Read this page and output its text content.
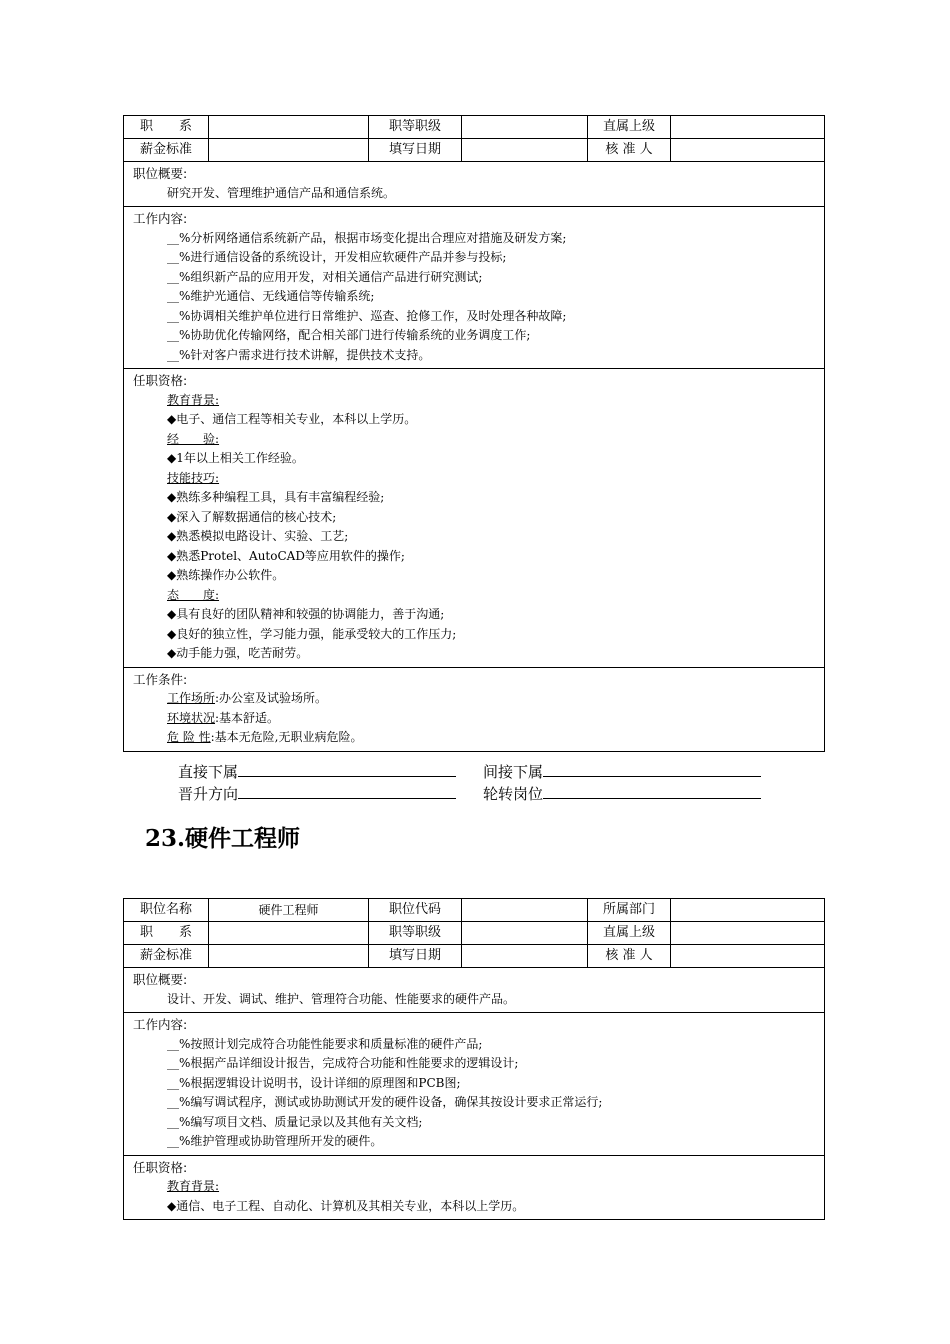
职　　系	职等职级	直属上级
薪金标准	填写日期	核 准 人
职位概要:
研究开发、管理维护通信产品和通信系统。
工作内容:
__%分析网络通信系统新产品，根据市场变化提出合理应对措施及研发方案;
__%进行通信设备的系统设计，开发相应软硬件产品并参与投标;
__%组织新产品的应用开发，对相关通信产品进行研究测试;
__%维护光通信、无线通信等传输系统;
__%协调相关维护单位进行日常维护、巡查、抢修工作，及时处理各种故障;
__%协助优化传输网络，配合相关部门进行传输系统的业务调度工作;
__%针对客户需求进行技术讲解，提供技术支持。
任职资格:
教育背景:
◆电子、通信工程等相关专业，本科以上学历。
经　　验:
◆1年以上相关工作经验。
技能技巧:
◆熟练多种编程工具，具有丰富编程经验;
◆深入了解数据通信的核心技术;
◆熟悉模拟电路设计、实验、工艺;
◆熟悉Protel、AutoCAD等应用软件的操作;
◆熟练操作办公软件。
态　　度:
◆具有良好的团队精神和较强的协调能力，善于沟通;
◆良好的独立性，学习能力强，能承受较大的工作压力;
◆动手能力强，吃苦耐劳。
工作条件:
工作场所:办公室及试验场所。
环境状况:基本舒适。
危 险 性:基本无危险,无职业病危险。
直接下属	间接下属
晋升方向	轮转岗位
23.硬件工程师
职位名称	硬件工程师	职位代码	所属部门
职　　系	职等职级	直属上级
薪金标准	填写日期	核 准 人
职位概要:
设计、开发、调试、维护、管理符合功能、性能要求的硬件产品。
工作内容:
__%按照计划完成符合功能性能要求和质量标准的硬件产品;
__%根据产品详细设计报告，完成符合功能和性能要求的逻辑设计;
__%根据逻辑设计说明书，设计详细的原理图和PCB图;
__%编写调试程序，测试或协助测试开发的硬件设备，确保其按设计要求正常运行;
__%编写项目文档、质量记录以及其他有关文档;
__%维护管理或协助管理所开发的硬件。
任职资格:
教育背景:
◆通信、电子工程、自动化、计算机及其相关专业，本科以上学历。
